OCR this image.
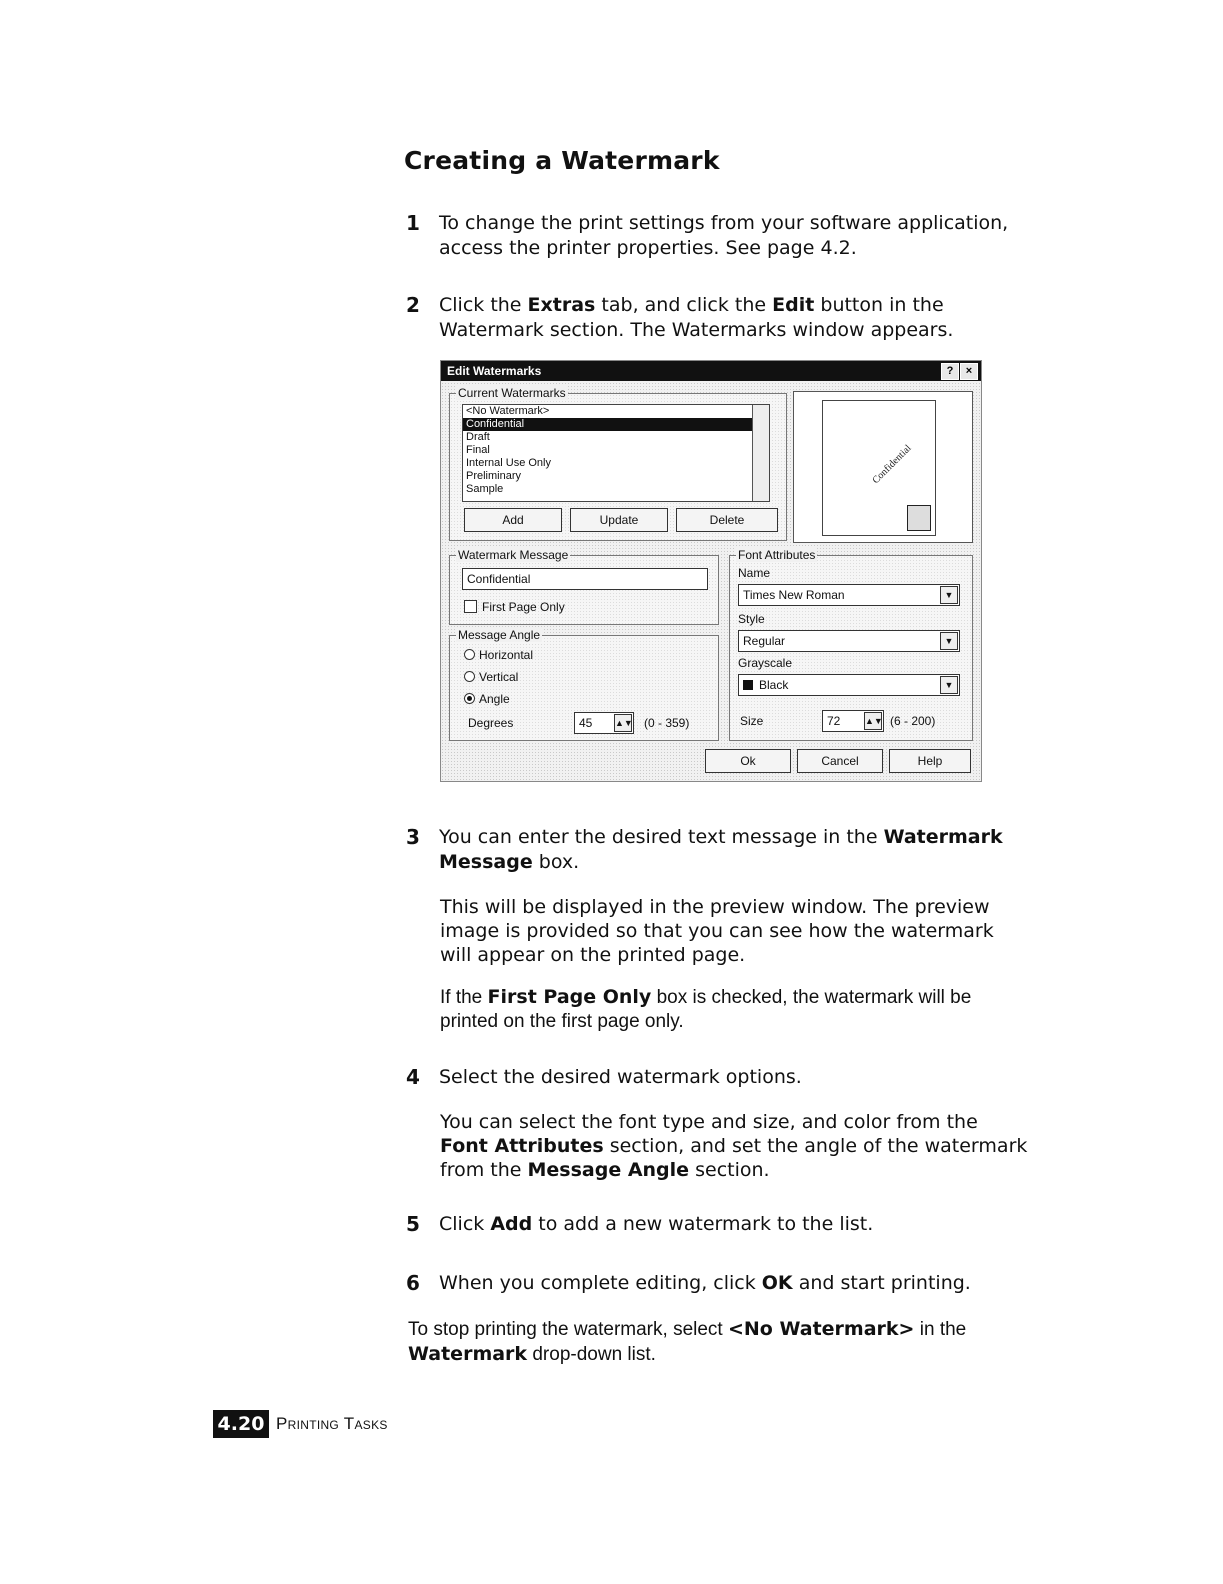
Creating a Watermark
1 To change the print settings from your software application, access the printer properties. See page 4.2.
2 Click the Extras tab, and click the Edit button in the Watermark section. The Watermarks window appears.
Edit Watermarks	?	×
Current Watermarks
<No Watermark>
Confidential
Draft
Final
Internal Use Only
Preliminary
Sample
Add	Update	Delete
Confidential
Watermark Message
Confidential
First Page Only
Message Angle
Horizontal
Vertical
Angle
Degrees	45	▲▼ (0 - 359)
Font Attributes
Name
Times New Roman	▼
Style
Regular	▼
Grayscale
Black	▼
Size	72	▲▼ (6 - 200)
Ok	Cancel	Help
3 You can enter the desired text message in the Watermark Message box.
This will be displayed in the preview window. The preview image is provided so that you can see how the watermark will appear on the printed page.
If the First Page Only box is checked, the watermark will be printed on the first page only.
4 Select the desired watermark options.
You can select the font type and size, and color from the Font Attributes section, and set the angle of the watermark from the Message Angle section.
5 Click Add to add a new watermark to the list.
6 When you complete editing, click OK and start printing.
To stop printing the watermark, select <No Watermark> in the Watermark drop-down list.
4.20 Printing Tasks
